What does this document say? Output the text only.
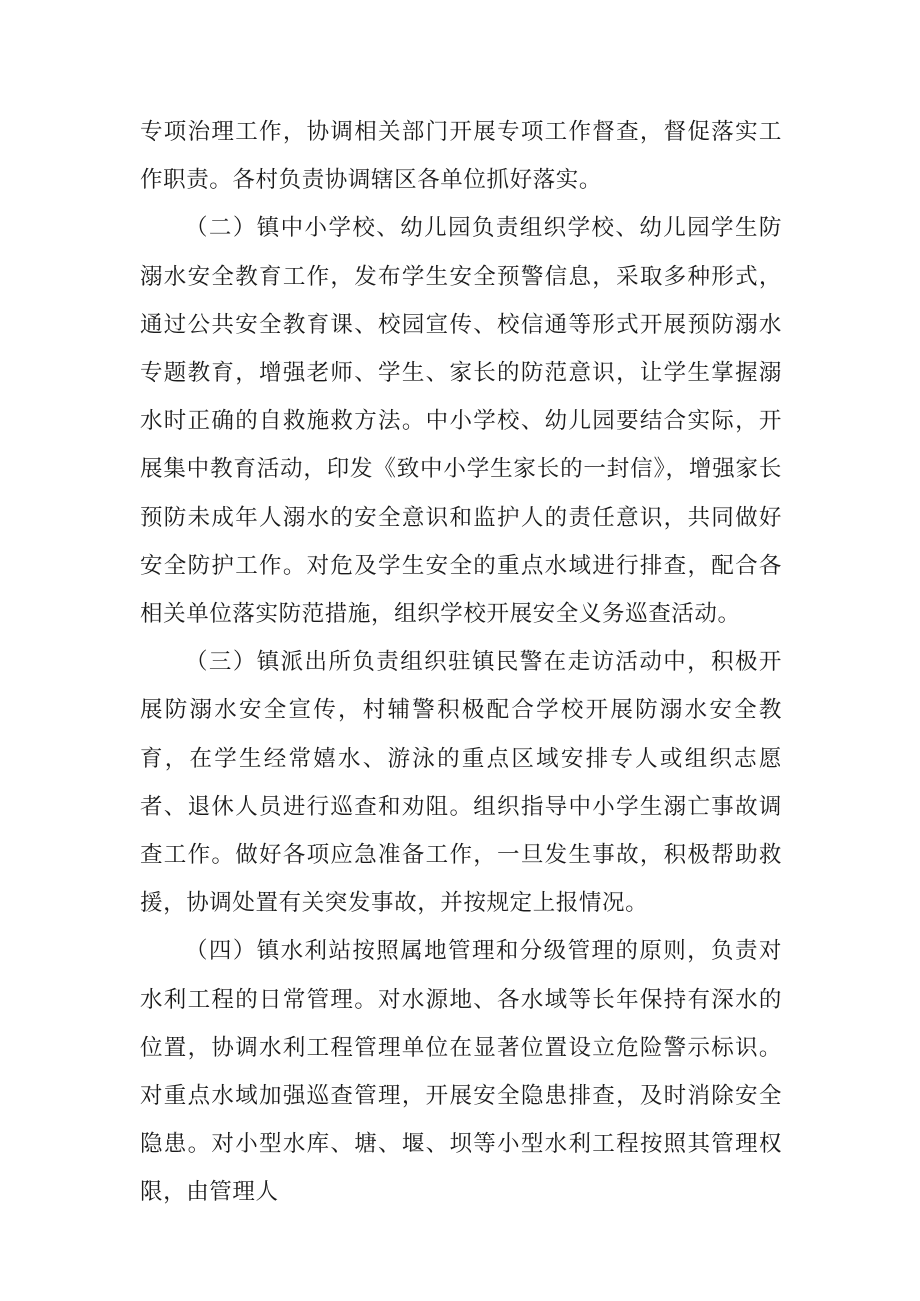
专项治理工作，协调相关部门开展专项工作督查，督促落实工作职责。各村负责协调辖区各单位抓好落实。

（二）镇中小学校、幼儿园负责组织学校、幼儿园学生防溺水安全教育工作，发布学生安全预警信息，采取多种形式，通过公共安全教育课、校园宣传、校信通等形式开展预防溺水专题教育，增强老师、学生、家长的防范意识，让学生掌握溺水时正确的自救施救方法。中小学校、幼儿园要结合实际，开展集中教育活动，印发《致中小学生家长的一封信》，增强家长预防未成年人溺水的安全意识和监护人的责任意识，共同做好安全防护工作。对危及学生安全的重点水域进行排查，配合各相关单位落实防范措施，组织学校开展安全义务巡查活动。

（三）镇派出所负责组织驻镇民警在走访活动中，积极开展防溺水安全宣传，村辅警积极配合学校开展防溺水安全教育，在学生经常嬉水、游泳的重点区域安排专人或组织志愿者、退休人员进行巡查和劝阻。组织指导中小学生溺亡事故调查工作。做好各项应急准备工作，一旦发生事故，积极帮助救援，协调处置有关突发事故，并按规定上报情况。

（四）镇水利站按照属地管理和分级管理的原则，负责对水利工程的日常管理。对水源地、各水域等长年保持有深水的位置，协调水利工程管理单位在显著位置设立危险警示标识。对重点水域加强巡查管理，开展安全隐患排查，及时消除安全隐患。对小型水库、塘、堰、坝等小型水利工程按照其管理权限，由管理人
